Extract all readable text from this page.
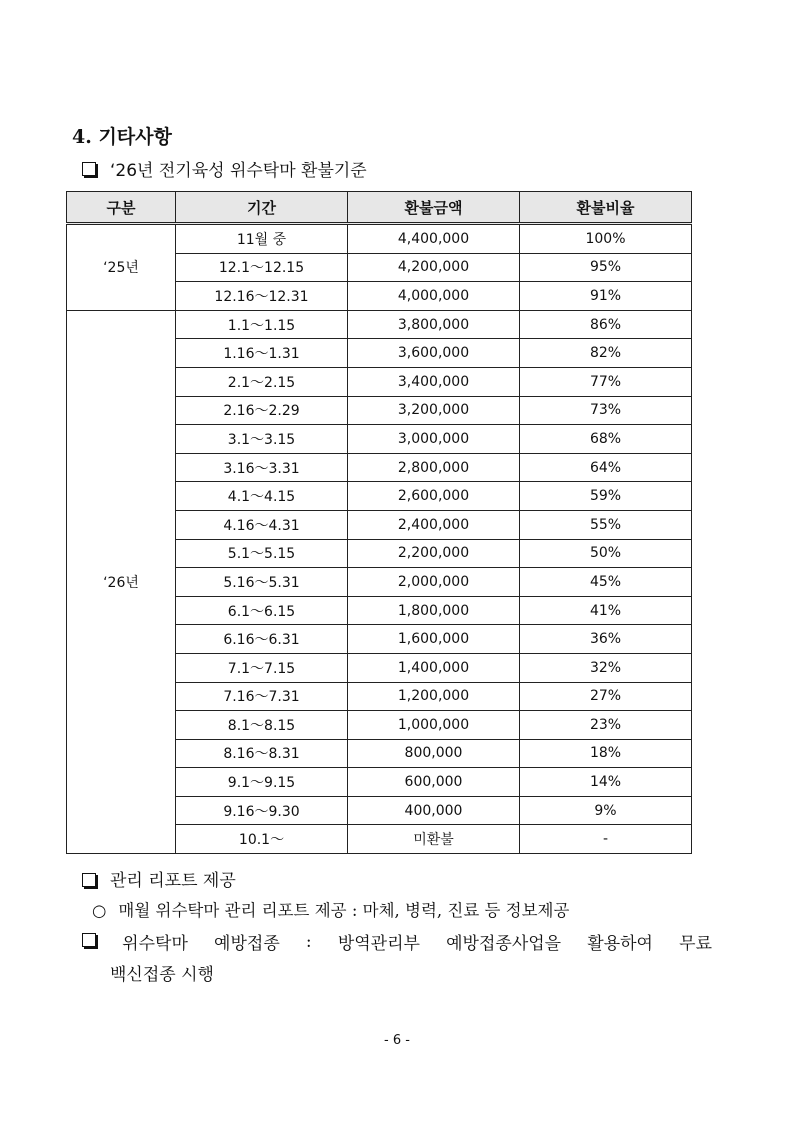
4. 기타사항
‘26년 전기육성 위수탁마 환불기준
구분	기간	환불금액	환불비율
‘25년	11월 중	4,400,000	100%
	12.1～12.15	4,200,000	95%
	12.16～12.31	4,000,000	91%
‘26년	1.1～1.15	3,800,000	86%
	1.16～1.31	3,600,000	82%
	2.1～2.15	3,400,000	77%
	2.16～2.29	3,200,000	73%
	3.1～3.15	3,000,000	68%
	3.16～3.31	2,800,000	64%
	4.1～4.15	2,600,000	59%
	4.16～4.31	2,400,000	55%
	5.1～5.15	2,200,000	50%
	5.16～5.31	2,000,000	45%
	6.1～6.15	1,800,000	41%
	6.16～6.31	1,600,000	36%
	7.1～7.15	1,400,000	32%
	7.16～7.31	1,200,000	27%
	8.1～8.15	1,000,000	23%
	8.16～8.31	800,000	18%
	9.1～9.15	600,000	14%
	9.16～9.30	400,000	9%
	10.1～	미환불	-
관리 리포트 제공
○ 매월 위수탁마 관리 리포트 제공 : 마체, 병력, 진료 등 정보제공
위수탁마 예방접종 : 방역관리부 예방접종사업을 활용하여 무료
백신접종 시행
- 6 -
